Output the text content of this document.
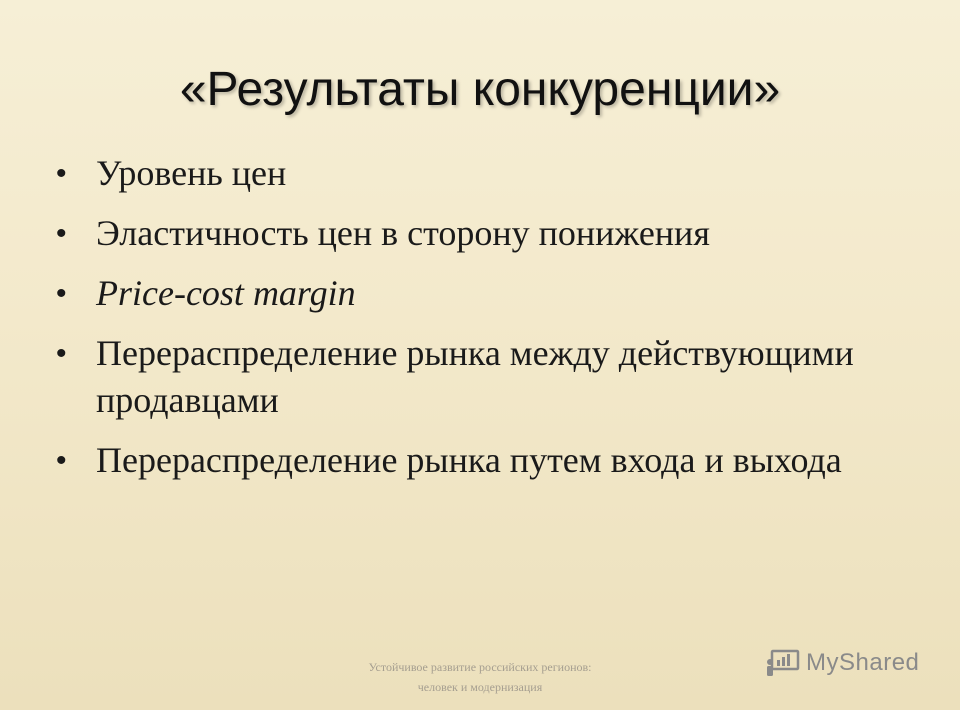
«Результаты конкуренции»
• Уровень цен
• Эластичность цен в сторону понижения
• Price-cost margin
• Перераспределение рынка между действующими продавцами
• Перераспределение рынка путем входа и выхода
Устойчивое развитие российских регионов: человек и модернизация
MyShared
